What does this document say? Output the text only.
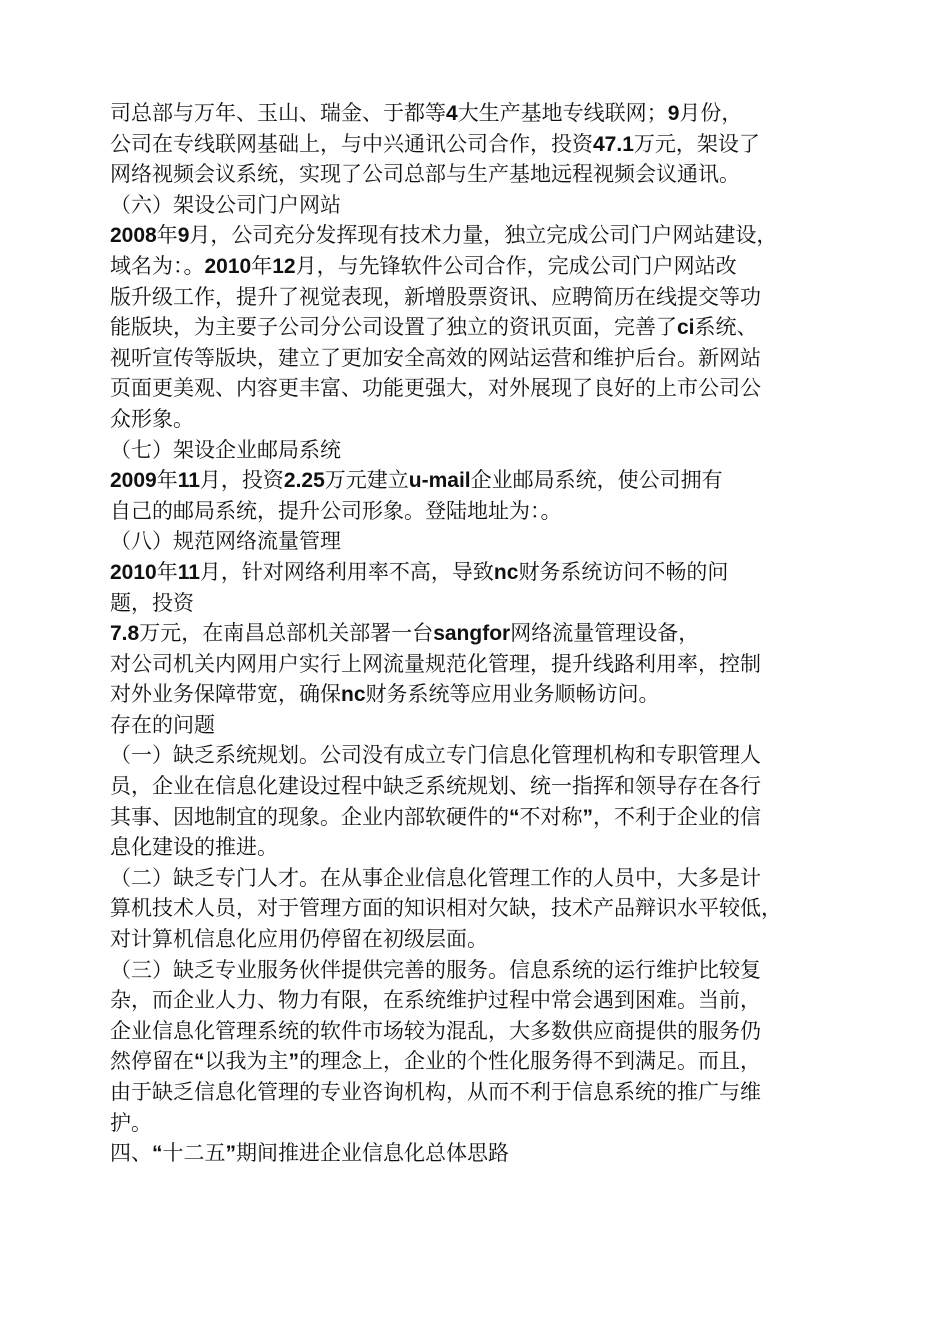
司总部与万年、玉山、瑞金、于都等4大生产基地专线联网；9月份，
公司在专线联网基础上，与中兴通讯公司合作，投资47.1万元，架设了
网络视频会议系统，实现了公司总部与生产基地远程视频会议通讯。
（六）架设公司门户网站
2008年9月，公司充分发挥现有技术力量，独立完成公司门户网站建设，
域名为：。2010年12月，与先锋软件公司合作，完成公司门户网站改
版升级工作，提升了视觉表现，新增股票资讯、应聘简历在线提交等功
能版块，为主要子公司分公司设置了独立的资讯页面，完善了ci系统、
视听宣传等版块，建立了更加安全高效的网站运营和维护后台。新网站
页面更美观、内容更丰富、功能更强大，对外展现了良好的上市公司公
众形象。
（七）架设企业邮局系统
2009年11月，投资2.25万元建立u-mail企业邮局系统，使公司拥有
自己的邮局系统，提升公司形象。登陆地址为：。
（八）规范网络流量管理
2010年11月，针对网络利用率不高，导致nc财务系统访问不畅的问
题，投资
7.8万元，在南昌总部机关部署一台sangfor网络流量管理设备，
对公司机关内网用户实行上网流量规范化管理，提升线路利用率，控制
对外业务保障带宽，确保nc财务系统等应用业务顺畅访问。
存在的问题
（一）缺乏系统规划。公司没有成立专门信息化管理机构和专职管理人
员，企业在信息化建设过程中缺乏系统规划、统一指挥和领导存在各行
其事、因地制宜的现象。企业内部软硬件的“不对称”，不利于企业的信
息化建设的推进。
（二）缺乏专门人才。在从事企业信息化管理工作的人员中，大多是计
算机技术人员，对于管理方面的知识相对欠缺，技术产品辩识水平较低，
对计算机信息化应用仍停留在初级层面。
（三）缺乏专业服务伙伴提供完善的服务。信息系统的运行维护比较复
杂，而企业人力、物力有限，在系统维护过程中常会遇到困难。当前，
企业信息化管理系统的软件市场较为混乱，大多数供应商提供的服务仍
然停留在“以我为主”的理念上，企业的个性化服务得不到满足。而且，
由于缺乏信息化管理的专业咨询机构，从而不利于信息系统的推广与维
护。
四、“十二五”期间推进企业信息化总体思路
